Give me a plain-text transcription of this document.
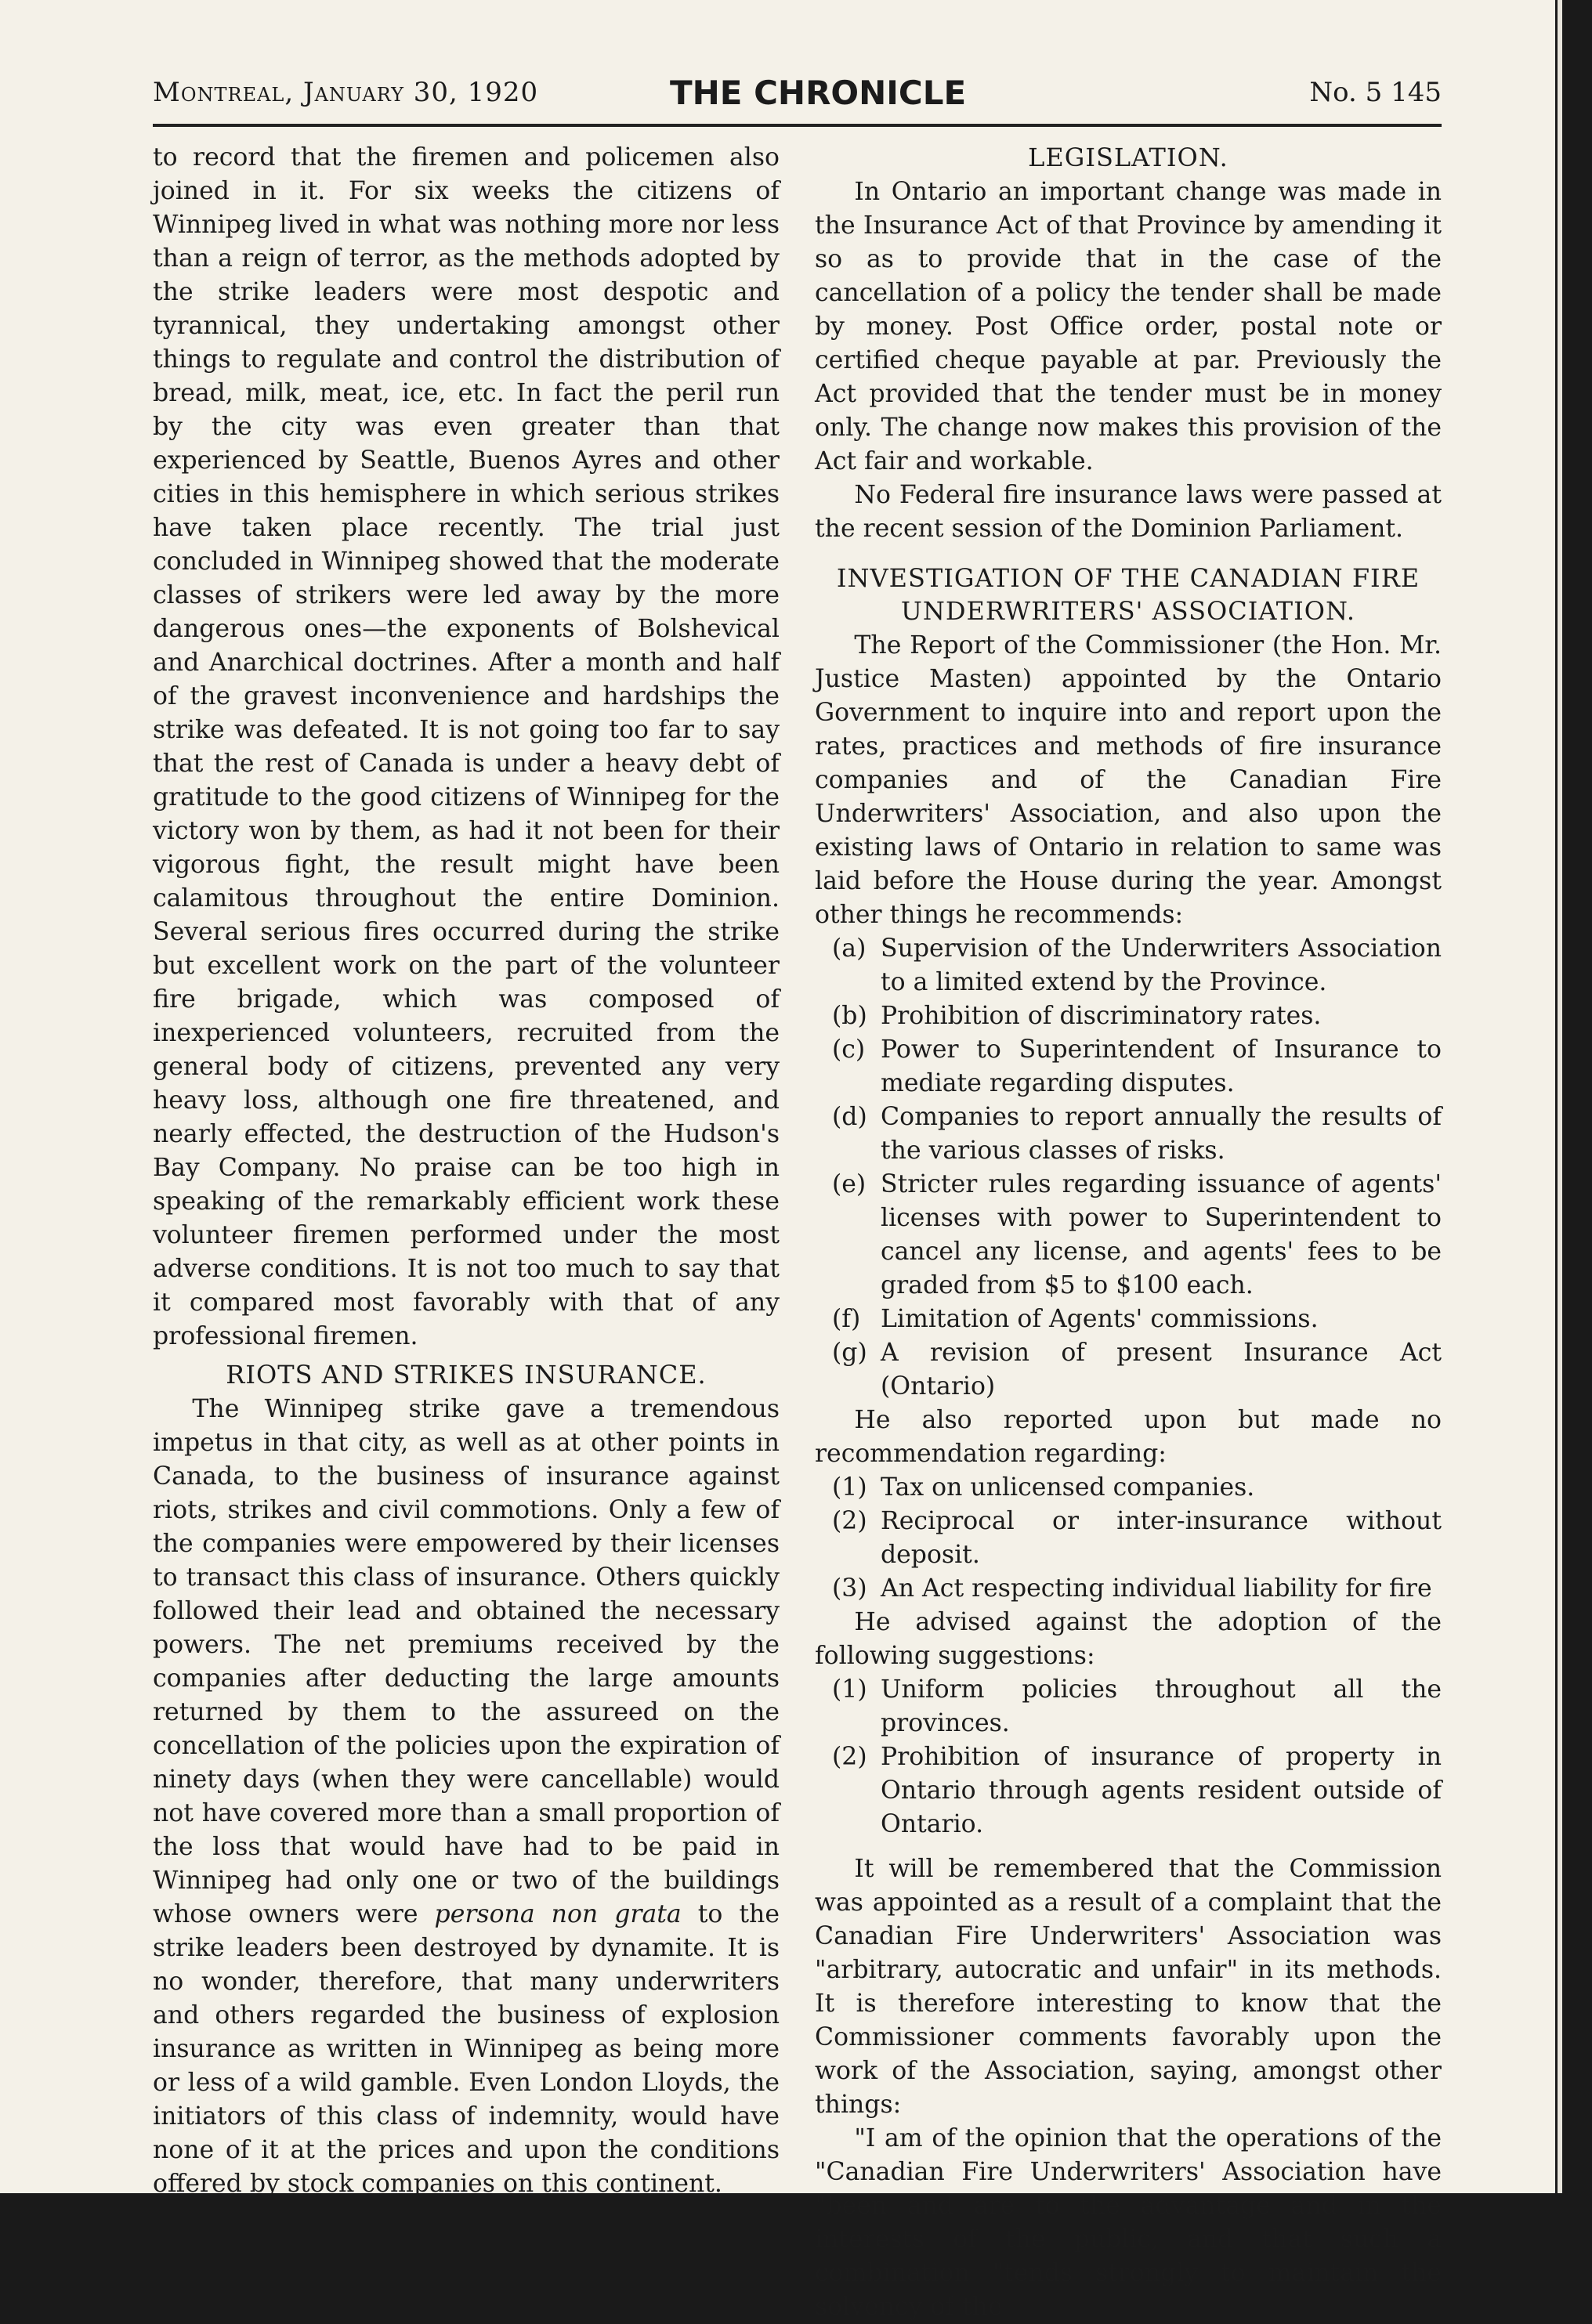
Montreal, January 30, 1920	THE CHRONICLE	No. 5 145

to record that the firemen and policemen also joined in it. For six weeks the citizens of Winnipeg lived in what was nothing more nor less than a reign of terror, as the methods adopted by the strike leaders were most despotic and tyrannical, they undertaking amongst other things to regulate and control the distribution of bread, milk, meat, ice, etc. In fact the peril run by the city was even greater than that experienced by Seattle, Buenos Ayres and other cities in this hemisphere in which serious strikes have taken place recently. The trial just concluded in Winnipeg showed that the moderate classes of strikers were led away by the more dangerous ones—the exponents of Bolshevical and Anarchical doctrines. After a month and half of the gravest inconvenience and hardships the strike was defeated. It is not going too far to say that the rest of Canada is under a heavy debt of gratitude to the good citizens of Winnipeg for the victory won by them, as had it not been for their vigorous fight, the result might have been calamitous throughout the entire Dominion. Several serious fires occurred during the strike but excellent work on the part of the volunteer fire brigade, which was composed of inexperienced volunteers, recruited from the general body of citizens, prevented any very heavy loss, although one fire threatened, and nearly effected, the destruction of the Hudson's Bay Company. No praise can be too high in speaking of the remarkably efficient work these volunteer firemen performed under the most adverse conditions. It is not too much to say that it compared most favorably with that of any professional firemen.

RIOTS AND STRIKES INSURANCE.

The Winnipeg strike gave a tremendous impetus in that city, as well as at other points in Canada, to the business of insurance against riots, strikes and civil commotions. Only a few of the companies were empowered by their licenses to transact this class of insurance. Others quickly followed their lead and obtained the necessary powers. The net premiums received by the companies after deducting the large amounts returned by them to the assureed on the concellation of the policies upon the expiration of ninety days (when they were cancellable) would not have covered more than a small proportion of the loss that would have had to be paid in Winnipeg had only one or two of the buildings whose owners were persona non grata to the strike leaders been destroyed by dynamite. It is no wonder, therefore, that many underwriters and others regarded the business of explosion insurance as written in Winnipeg as being more or less of a wild gamble. Even London Lloyds, the initiators of this class of indemnity, would have none of it at the prices and upon the conditions offered by stock companies on this continent.

LEGISLATION.

In Ontario an important change was made in the Insurance Act of that Province by amending it so as to provide that in the case of the cancellation of a policy the tender shall be made by money. Post Office order, postal note or certified cheque payable at par. Previously the Act provided that the tender must be in money only. The change now makes this provision of the Act fair and workable.

No Federal fire insurance laws were passed at the recent session of the Dominion Parliament.

INVESTIGATION OF THE CANADIAN FIRE UNDERWRITERS' ASSOCIATION.

The Report of the Commissioner (the Hon. Mr. Justice Masten) appointed by the Ontario Government to inquire into and report upon the rates, practices and methods of fire insurance companies and of the Canadian Fire Underwriters' Association, and also upon the existing laws of Ontario in relation to same was laid before the House during the year. Amongst other things he recommends:

(a) Supervision of the Underwriters Association to a limited extend by the Province.
(b) Prohibition of discriminatory rates.
(c) Power to Superintendent of Insurance to mediate regarding disputes.
(d) Companies to report annually the results of the various classes of risks.
(e) Stricter rules regarding issuance of agents' licenses with power to Superintendent to cancel any license, and agents' fees to be graded from $5 to $100 each.
(f) Limitation of Agents' commissions.
(g) A revision of present Insurance Act (Ontario)

He also reported upon but made no recommendation regarding:

(1) Tax on unlicensed companies.
(2) Reciprocal or inter-insurance without deposit.
(3) An Act respecting individual liability for fire

He advised against the adoption of the following suggestions:

(1) Uniform policies throughout all the provinces.
(2) Prohibition of insurance of property in Ontario through agents resident outside of Ontario.

It will be remembered that the Commission was appointed as a result of a complaint that the Canadian Fire Underwriters' Association was "arbitrary, autocratic and unfair" in its methods. It is therefore interesting to know that the Commissioner comments favorably upon the work of the Association, saying, amongst other things:

"I am of the opinion that the operations of the "Canadian Fire Underwriters' Association have "been and are to the advantage and in the interests of the public, and that such a combination "tends strongly to maintain the solvency of the
